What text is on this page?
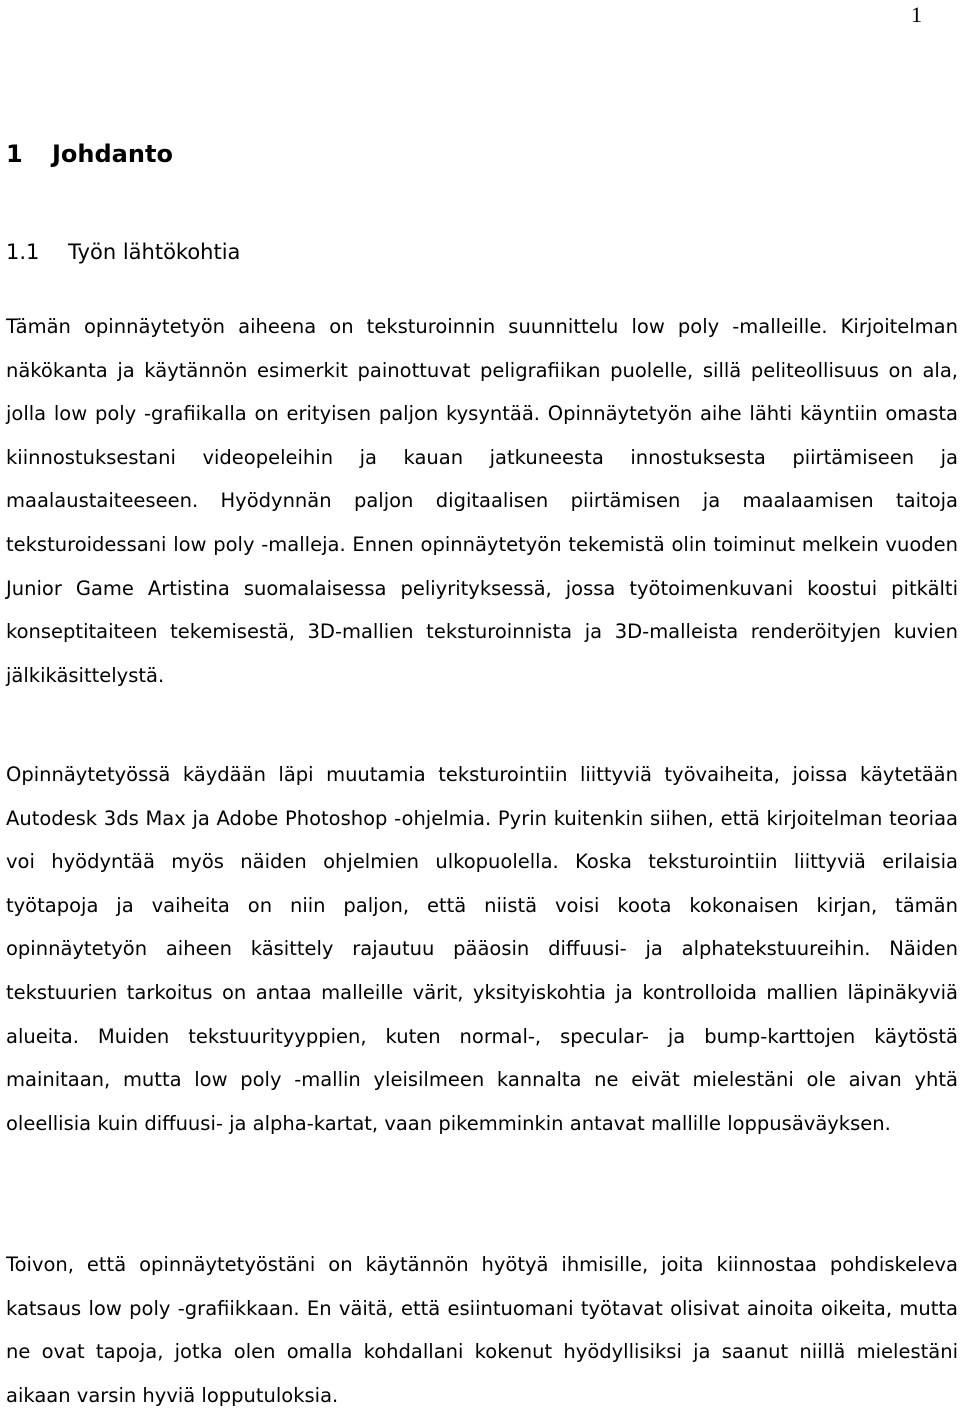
1
1 Johdanto
1.1 Työn lähtökohtia

Tämän opinnäytetyön aiheena on teksturoinnin suunnittelu low poly -malleille. Kirjoitelman näkökanta ja käytännön esimerkit painottuvat peligrafiikan puolelle, sillä peliteollisuus on ala, jolla low poly -grafiikalla on erityisen paljon kysyntää. Opinnäytetyön aihe lähti käyntiin omasta kiinnostuksestani videopeleihin ja kauan jatkuneesta innostuksesta piirtämiseen ja maalaustaiteeseen. Hyödynnän paljon digitaalisen piirtämisen ja maalaamisen taitoja teksturoidessani low poly -malleja. Ennen opinnäytetyön tekemistä olin toiminut melkein vuoden Junior Game Artistina suomalaisessa peliyrityksessä, jossa työtoimenkuvani koostui pitkälti konseptitaiteen tekemisestä, 3D-mallien teksturoinnista ja 3D-malleista renderöityjen kuvien jälkikäsittelystä.

Opinnäytetyössä käydään läpi muutamia teksturointiin liittyviä työvaiheita, joissa käytetään Autodesk 3ds Max ja Adobe Photoshop -ohjelmia. Pyrin kuitenkin siihen, että kirjoitelman teoriaa voi hyödyntää myös näiden ohjelmien ulkopuolella. Koska teksturointiin liittyviä erilaisia työtapoja ja vaiheita on niin paljon, että niistä voisi koota kokonaisen kirjan, tämän opinnäytetyön aiheen käsittely rajautuu pääosin diffuusi- ja alphatekstuureihin. Näiden tekstuurien tarkoitus on antaa malleille värit, yksityiskohtia ja kontrolloida mallien läpinäkyviä alueita. Muiden tekstuurityyppien, kuten normal-, specular- ja bump-karttojen käytöstä mainitaan, mutta low poly -mallin yleisilmeen kannalta ne eivät mielestäni ole aivan yhtä oleellisia kuin diffuusi- ja alpha-kartat, vaan pikemminkin antavat mallille loppusäväyksen.

Toivon, että opinnäytetyöstäni on käytännön hyötyä ihmisille, joita kiinnostaa pohdiskeleva katsaus low poly -grafiikkaan. En väitä, että esiintuomani työtavat olisivat ainoita oikeita, mutta ne ovat tapoja, jotka olen omalla kohdallani kokenut hyödyllisiksi ja saanut niillä mielestäni aikaan varsin hyviä lopputuloksia.
